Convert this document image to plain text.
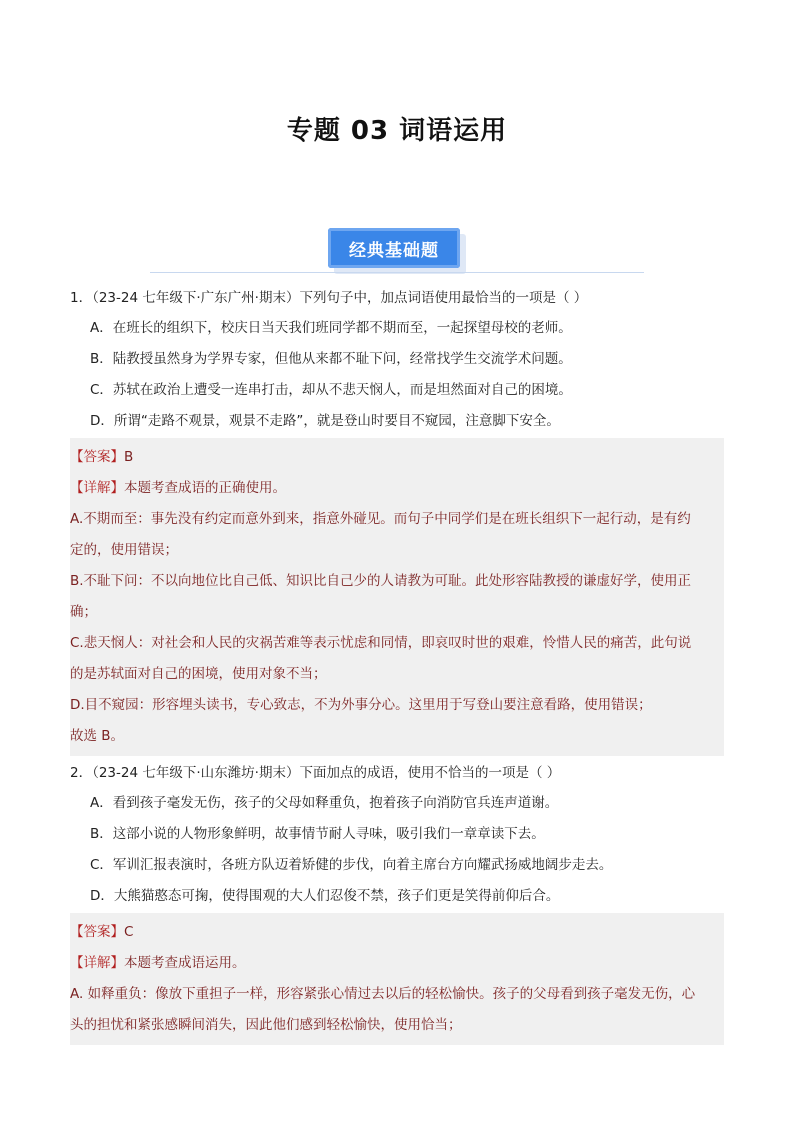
专题 03 词语运用
经典基础题

1．（23-24 七年级下·广东广州·期末）下列句子中，加点词语使用最恰当的一项是（ ）

A．在班长的组织下，校庆日当天我们班同学都不期而至，一起探望母校的老师。

B．陆教授虽然身为学界专家，但他从来都不耻下问，经常找学生交流学术问题。

C．苏轼在政治上遭受一连串打击，却从不悲天悯人，而是坦然面对自己的困境。

D．所谓“走路不观景，观景不走路”，就是登山时要目不窥园，注意脚下安全。

【答案】B

【详解】本题考查成语的正确使用。

A.不期而至：事先没有约定而意外到来，指意外碰见。而句子中同学们是在班长组织下一起行动，是有约

定的，使用错误；

B.不耻下问：不以向地位比自己低、知识比自己少的人请教为可耻。此处形容陆教授的谦虚好学，使用正

确；

C.悲天悯人：对社会和人民的灾祸苦难等表示忧虑和同情，即哀叹时世的艰难，怜惜人民的痛苦，此句说

的是苏轼面对自己的困境，使用对象不当；

D.目不窥园：形容埋头读书，专心致志，不为外事分心。这里用于写登山要注意看路，使用错误；

故选 B。

2．（23-24 七年级下·山东潍坊·期末）下面加点的成语，使用不恰当的一项是（ ）

A．看到孩子毫发无伤，孩子的父母如释重负，抱着孩子向消防官兵连声道谢。

B．这部小说的人物形象鲜明，故事情节耐人寻味，吸引我们一章章读下去。

C．军训汇报表演时，各班方队迈着矫健的步伐，向着主席台方向耀武扬威地阔步走去。

D．大熊猫憨态可掬，使得围观的大人们忍俊不禁，孩子们更是笑得前仰后合。

【答案】C

【详解】本题考查成语运用。

A. 如释重负：像放下重担子一样，形容紧张心情过去以后的轻松愉快。孩子的父母看到孩子毫发无伤，心

头的担忧和紧张感瞬间消失，因此他们感到轻松愉快，使用恰当；
